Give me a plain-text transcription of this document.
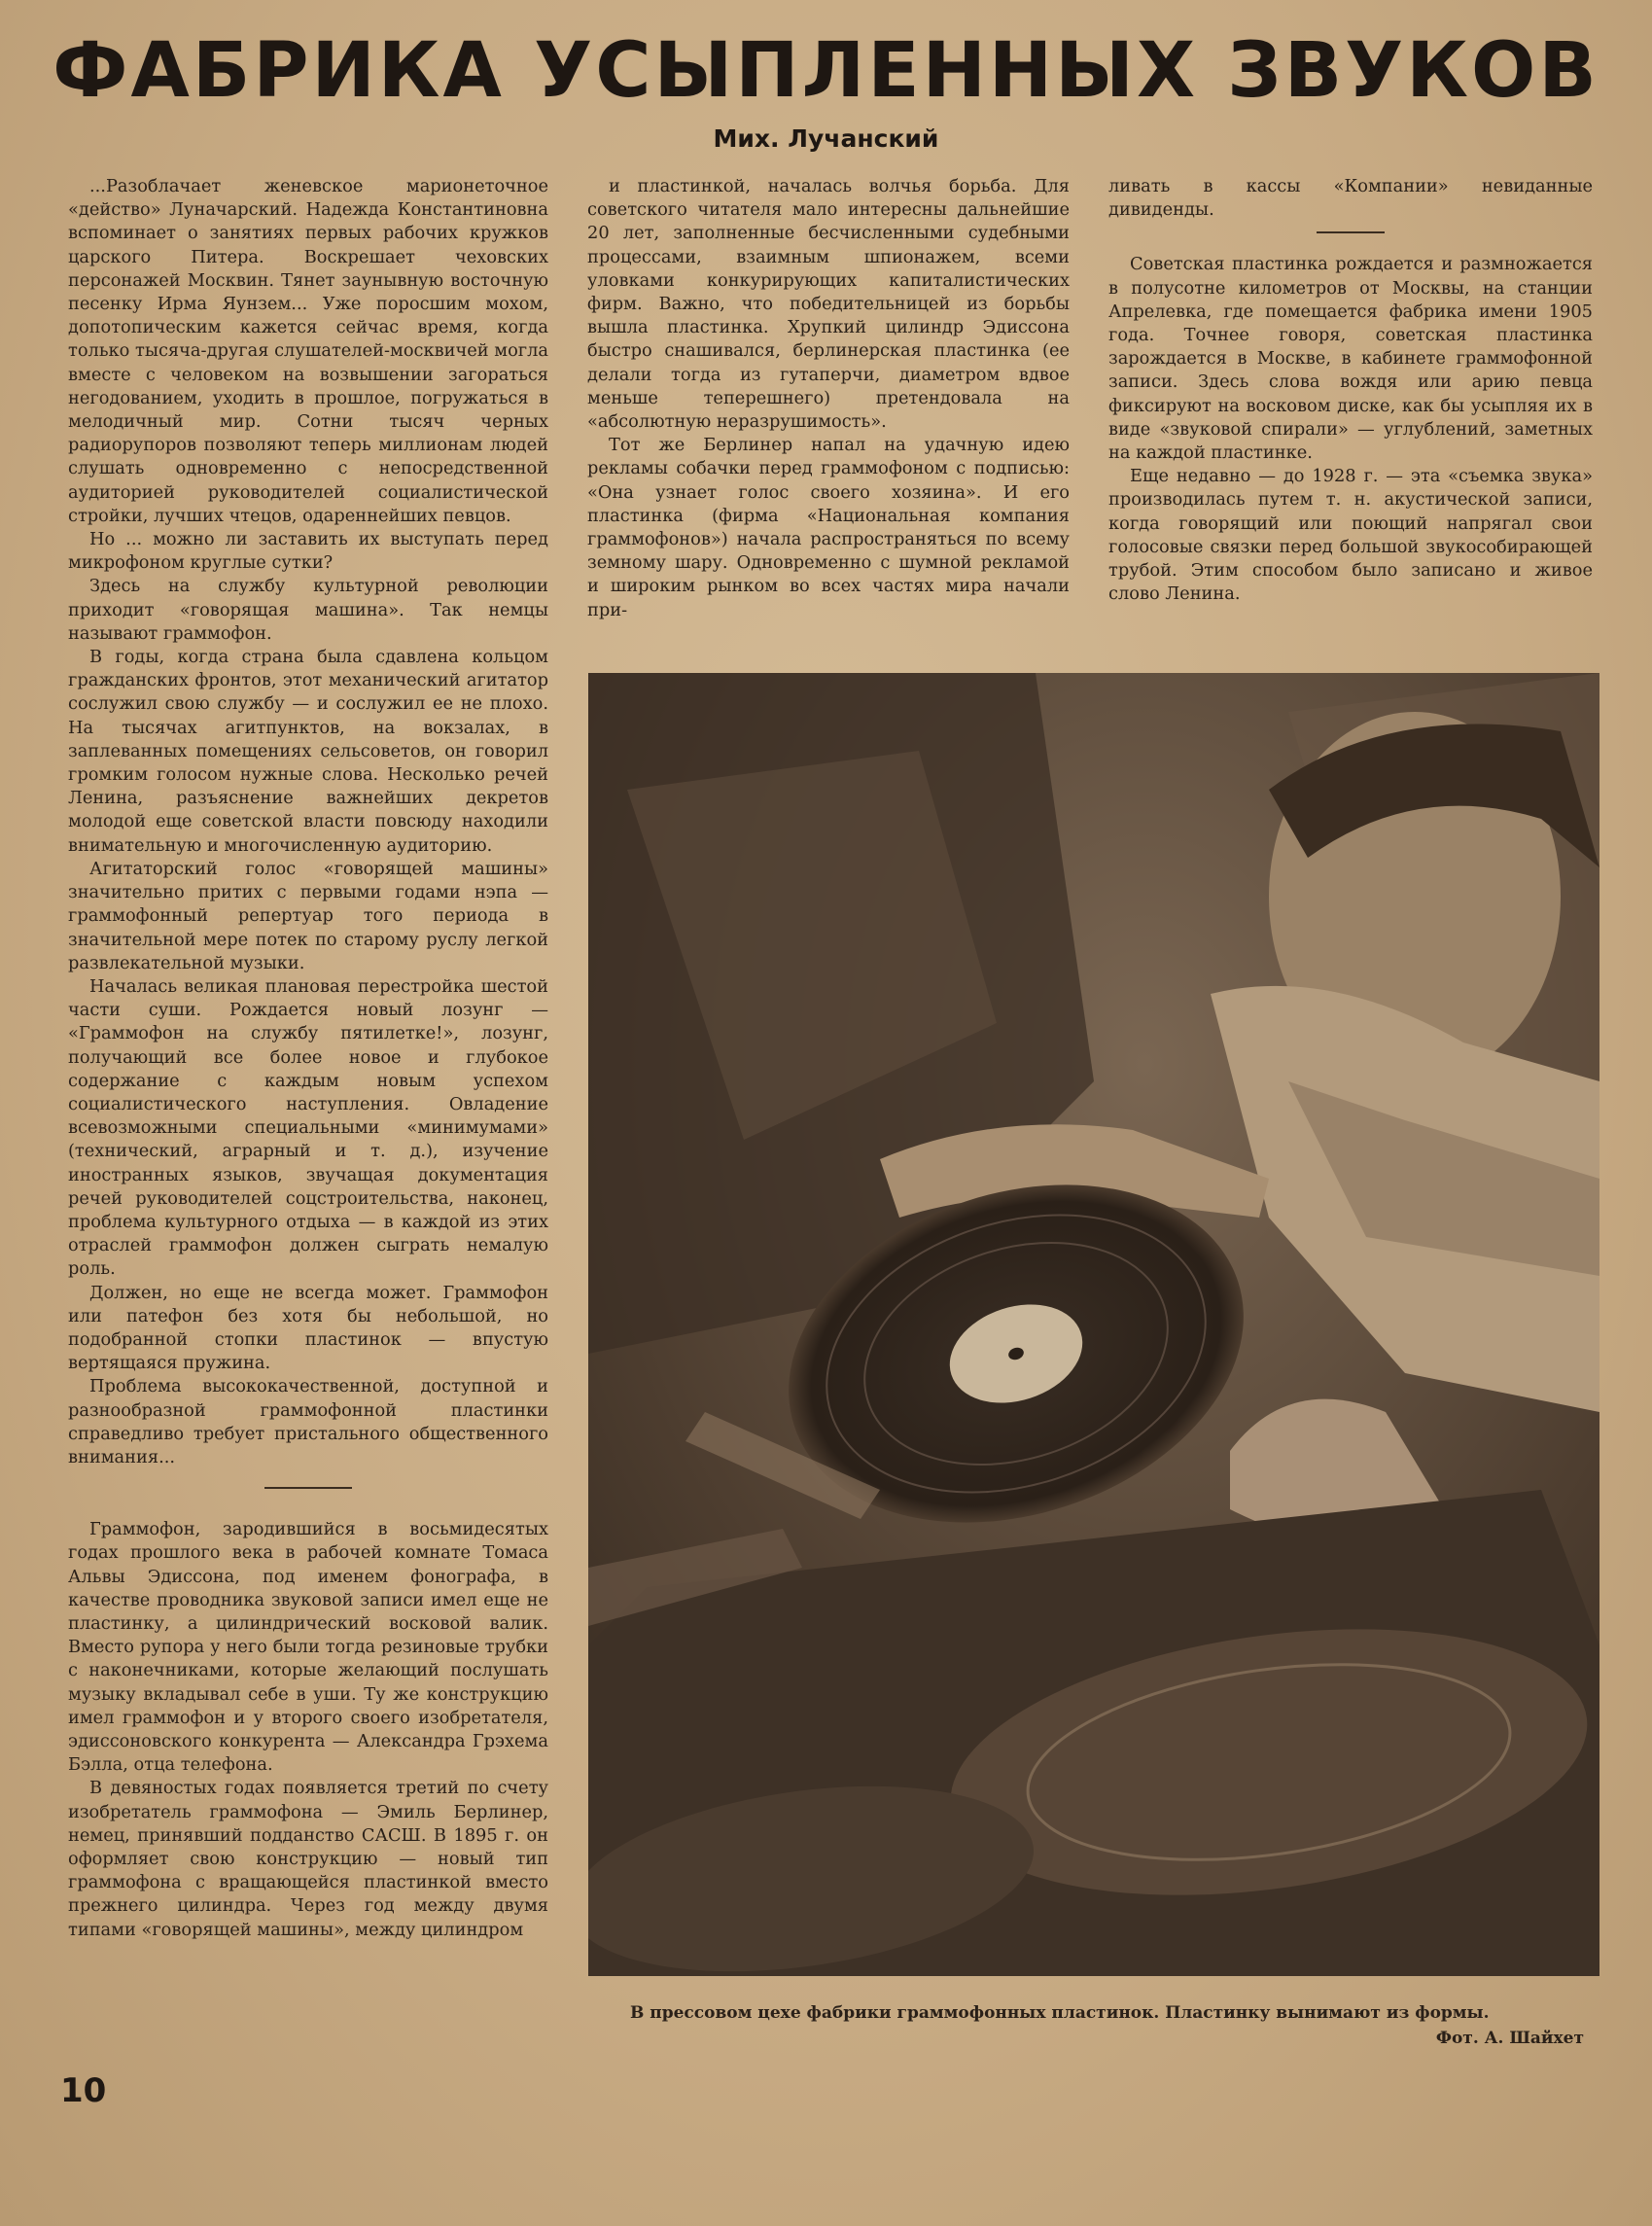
ФАБРИКА УСЫПЛЕННЫХ ЗВУКОВ
Мих. Лучанский

...Разоблачает женевское марионеточное «действо» Луначарский. Надежда Константиновна вспоминает о занятиях первых рабочих кружков царского Питера. Воскрешает чеховских персонажей Москвин. Тянет заунывную восточную песенку Ирма Яунзем... Уже поросшим мохом, допотопическим кажется сейчас время, когда только тысяча-другая слушателей-москвичей могла вместе с человеком на возвышении загораться негодованием, уходить в прошлое, погружаться в мелодичный мир. Сотни тысяч черных радиорупоров позволяют теперь миллионам людей слушать одновременно с непосредственной аудиторией руководителей социалистической стройки, лучших чтецов, одареннейших певцов.

Но ... можно ли заставить их выступать перед микрофоном круглые сутки?

Здесь на службу культурной революции приходит «говорящая машина». Так немцы называют граммофон.

В годы, когда страна была сдавлена кольцом гражданских фронтов, этот механический агитатор сослужил свою службу — и сослужил ее не плохо. На тысячах агитпунктов, на вокзалах, в заплеванных помещениях сельсоветов, он говорил громким голосом нужные слова. Несколько речей Ленина, разъяснение важнейших декретов молодой еще советской власти повсюду находили внимательную и многочисленную аудиторию.

Агитаторский голос «говорящей машины» значительно притих с первыми годами нэпа — граммофонный репертуар того периода в значительной мере потек по старому руслу легкой развлекательной музыки.

Началась великая плановая перестройка шестой части суши. Рождается новый лозунг — «Граммофон на службу пятилетке!», лозунг, получающий все более новое и глубокое содержание с каждым новым успехом социалистического наступления. Овладение всевозможными специальными «минимумами» (технический, аграрный и т. д.), изучение иностранных языков, звучащая документация речей руководителей соцстроительства, наконец, проблема культурного отдыха — в каждой из этих отраслей граммофон должен сыграть немалую роль.

Должен, но еще не всегда может. Граммофон или патефон без хотя бы небольшой, но подобранной стопки пластинок — впустую вертящаяся пружина.

Проблема высококачественной, доступной и разнообразной граммофонной пластинки справедливо требует пристального общественного внимания...

Граммофон, зародившийся в восьмидесятых годах прошлого века в рабочей комнате Томаса Альвы Эдиссона, под именем фонографа, в качестве проводника звуковой записи имел еще не пластинку, а цилиндрический восковой валик. Вместо рупора у него были тогда резиновые трубки с наконечниками, которые желающий послушать музыку вкладывал себе в уши. Ту же конструкцию имел граммофон и у второго своего изобретателя, эдиссоновского конкурента — Александра Грэхема Бэлла, отца телефона.

В девяностых годах появляется третий по счету изобретатель граммофона — Эмиль Берлинер, немец, принявший подданство САСШ. В 1895 г. он оформляет свою конструкцию — новый тип граммофона с вращающейся пластинкой вместо прежнего цилиндра. Через год между двумя типами «говорящей машины», между цилиндром

и пластинкой, началась волчья борьба. Для советского читателя мало интересны дальнейшие 20 лет, заполненные бесчисленными судебными процессами, взаимным шпионажем, всеми уловками конкурирующих капиталистических фирм. Важно, что победительницей из борьбы вышла пластинка. Хрупкий цилиндр Эдиссона быстро снашивался, берлинерская пластинка (ее делали тогда из гутаперчи, диаметром вдвое меньше теперешнего) претендовала на «абсолютную неразрушимость».

Тот же Берлинер напал на удачную идею рекламы собачки перед граммофоном с подписью: «Она узнает голос своего хозяина». И его пластинка (фирма «Национальная компания граммофонов») начала распространяться по всему земному шару. Одновременно с шумной рекламой и широким рынком во всех частях мира начали при-

ливать в кассы «Компании» невиданные дивиденды.

Советская пластинка рождается и размножается в полусотне километров от Москвы, на станции Апрелевка, где помещается фабрика имени 1905 года. Точнее говоря, советская пластинка зарождается в Москве, в кабинете граммофонной записи. Здесь слова вождя или арию певца фиксируют на восковом диске, как бы усыпляя их в виде «звуковой спирали» — углублений, заметных на каждой пластинке.

Еще недавно — до 1928 г. — эта «съемка звука» производилась путем т. н. акустической записи, когда говорящий или поющий напрягал свои голосовые связки перед большой звукособирающей трубой. Этим способом было записано и живое слово Ленина.

В прессовом цехе фабрики граммофонных пластинок. Пластинку вынимают из формы.
Фот. А. Шайхет
10
